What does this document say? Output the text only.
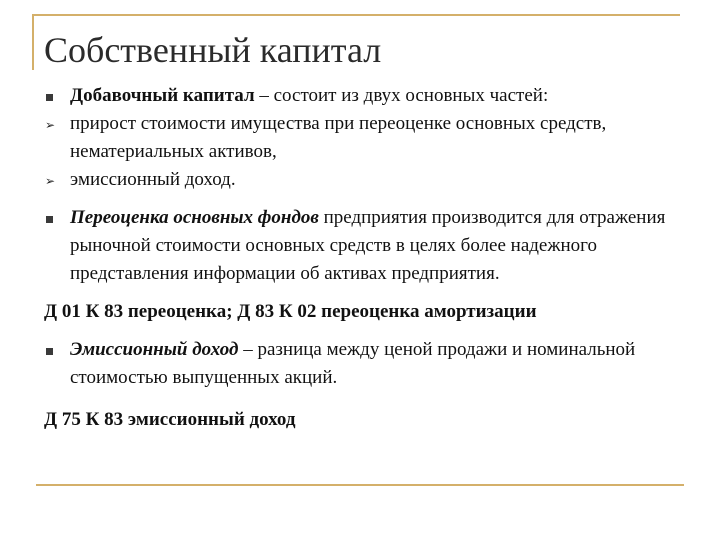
Собственный капитал
Добавочный капитал – состоит из двух основных частей:
➢ прирост стоимости имущества при переоценке основных средств, нематериальных активов,
➢ эмиссионный доход.
Переоценка основных фондов предприятия производится для отражения рыночной стоимости основных средств в целях более надежного представления информации об активах предприятия.
Д 01 К 83 переоценка; Д 83 К 02 переоценка амортизации
Эмиссионный доход – разница между ценой продажи и номинальной стоимостью выпущенных акций.
Д 75 К 83 эмиссионный доход
